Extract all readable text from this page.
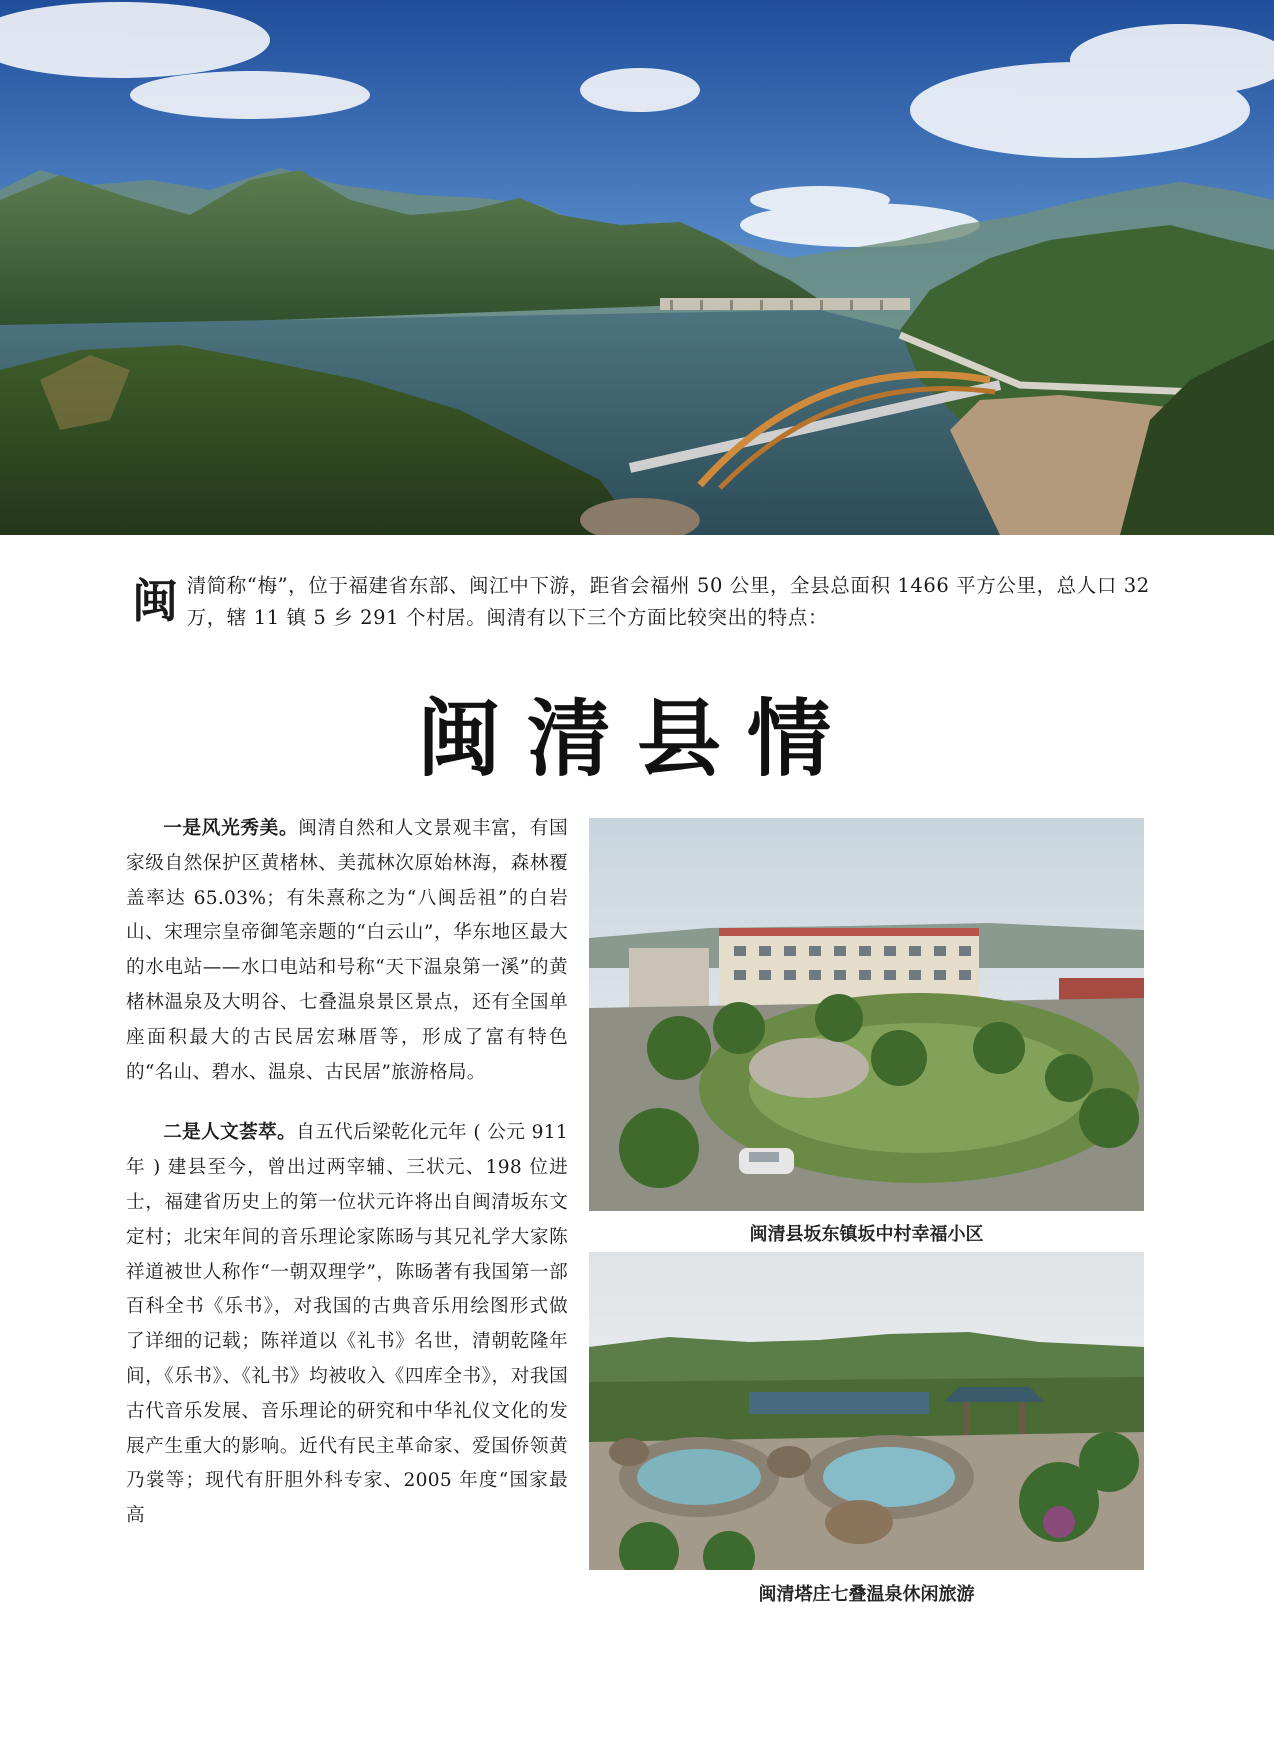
闽 清简称“梅”，位于福建省东部、闽江中下游，距省会福州 50 公里，全县总面积 1466 平方公里，总人口 32 万，辖 11 镇 5 乡 291 个村居。闽清有以下三个方面比较突出的特点：
闽清县情

一是风光秀美。闽清自然和人文景观丰富，有国家级自然保护区黄楮林、美菰林次原始林海，森林覆盖率达 65.03%；有朱熹称之为“八闽岳祖”的白岩山、宋理宗皇帝御笔亲题的“白云山”，华东地区最大的水电站——水口电站和号称“天下温泉第一溪”的黄楮林温泉及大明谷、七叠温泉景区景点，还有全国单座面积最大的古民居宏琳厝等，形成了富有特色的“名山、碧水、温泉、古民居”旅游格局。

二是人文荟萃。自五代后梁乾化元年 ( 公元 911 年 ) 建县至今，曾出过两宰辅、三状元、198 位进士，福建省历史上的第一位状元许将出自闽清坂东文定村；北宋年间的音乐理论家陈旸与其兄礼学大家陈祥道被世人称作“一朝双理学”，陈旸著有我国第一部百科全书《乐书》，对我国的古典音乐用绘图形式做了详细的记载；陈祥道以《礼书》名世，清朝乾隆年间，《乐书》、《礼书》均被收入《四库全书》，对我国古代音乐发展、音乐理论的研究和中华礼仪文化的发展产生重大的影响。近代有民主革命家、爱国侨领黄乃裳等；现代有肝胆外科专家、2005 年度“国家最高

闽清县坂东镇坂中村幸福小区
闽清塔庄七叠温泉休闲旅游
